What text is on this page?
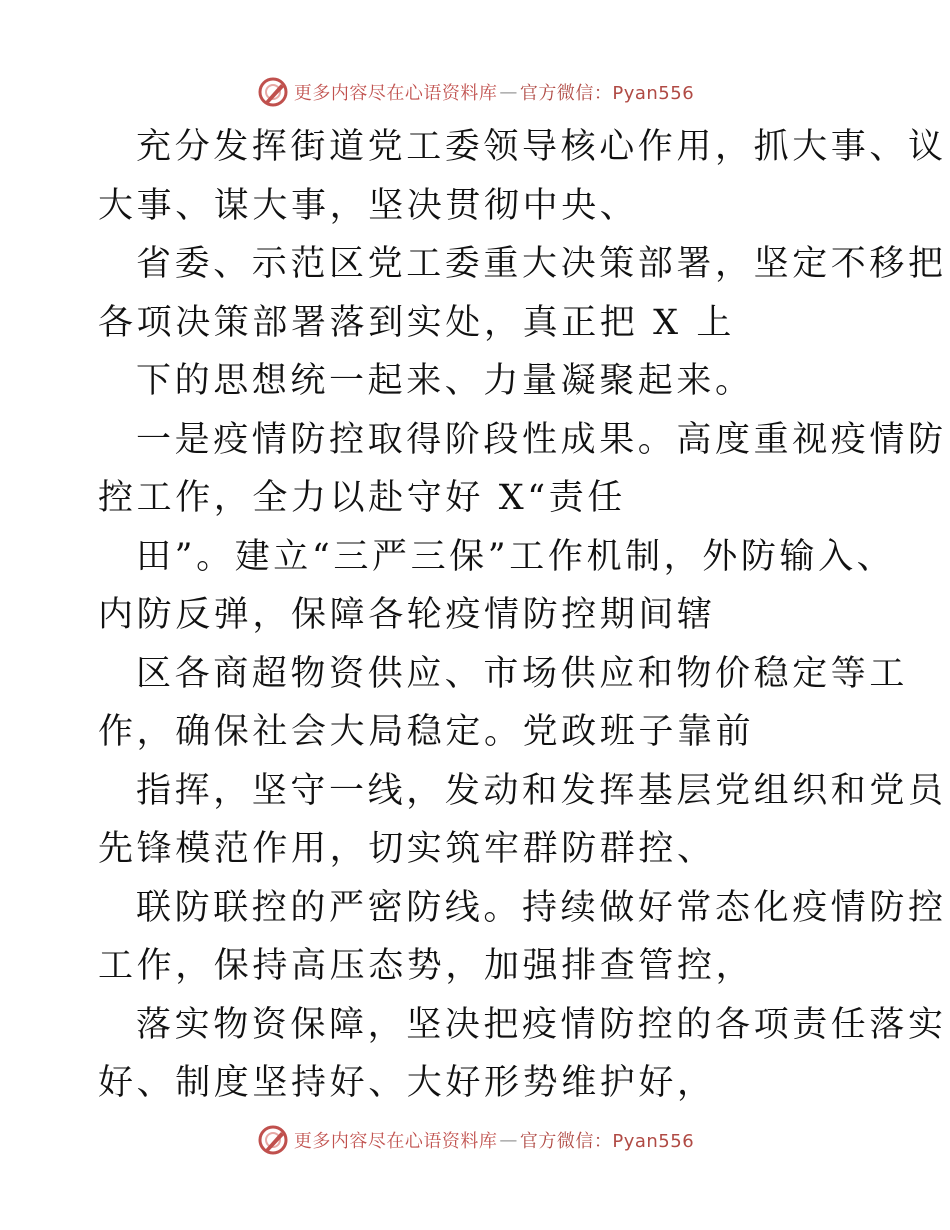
更多内容尽在心语资料库 — 官方微信：Pyan556
充分发挥街道党工委领导核心作用，抓大事、议
大事、谋大事，坚决贯彻中央、
省委、示范区党工委重大决策部署，坚定不移把
各项决策部署落到实处，真正把 X 上
下的思想统一起来、力量凝聚起来。
一是疫情防控取得阶段性成果。高度重视疫情防
控工作，全力以赴守好 X“责任
田”。建立“三严三保”工作机制，外防输入、
内防反弹，保障各轮疫情防控期间辖
区各商超物资供应、市场供应和物价稳定等工
作，确保社会大局稳定。党政班子靠前
指挥，坚守一线，发动和发挥基层党组织和党员
先锋模范作用，切实筑牢群防群控、
联防联控的严密防线。持续做好常态化疫情防控
工作，保持高压态势，加强排查管控，
落实物资保障，坚决把疫情防控的各项责任落实
好、制度坚持好、大好形势维护好，
更多内容尽在心语资料库 — 官方微信：Pyan556
